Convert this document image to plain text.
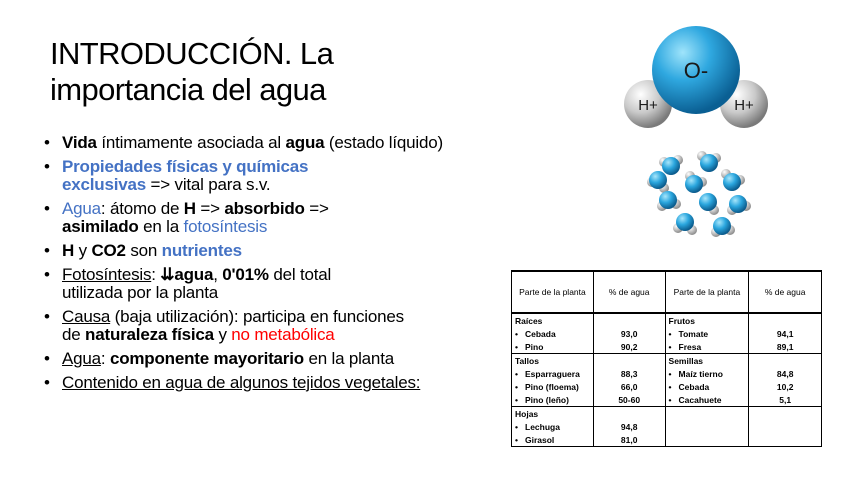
INTRODUCCIÓN. La
importancia del agua
• Vida íntimamente asociada al agua (estado líquido)
• Propiedades físicas y químicas
exclusivas => vital para s.v.
• Agua: átomo de H => absorbido =>
asimilado en la fotosíntesis
• H y CO2 son nutrientes
• Fotosíntesis: ⇊agua, 0'01% del total
utilizada por la planta
• Causa (baja utilización): participa en funciones
de naturaleza física y no metabólica
• Agua: componente mayoritario en la planta
• Contenido en agua de algunos tejidos vegetales:
O-
H+	H+
Parte de la planta	% de agua	Parte de la planta	% de agua
Raíces		Frutos	
• Cebada	93,0	• Tomate	94,1
• Pino	90,2	• Fresa	89,1
Tallos		Semillas	
• Esparraguera	88,3	• Maíz tierno	84,8
• Pino (floema)	66,0	• Cebada	10,2
• Pino (leño)	50-60	• Cacahuete	5,1
Hojas			
• Lechuga	94,8		
• Girasol	81,0		
